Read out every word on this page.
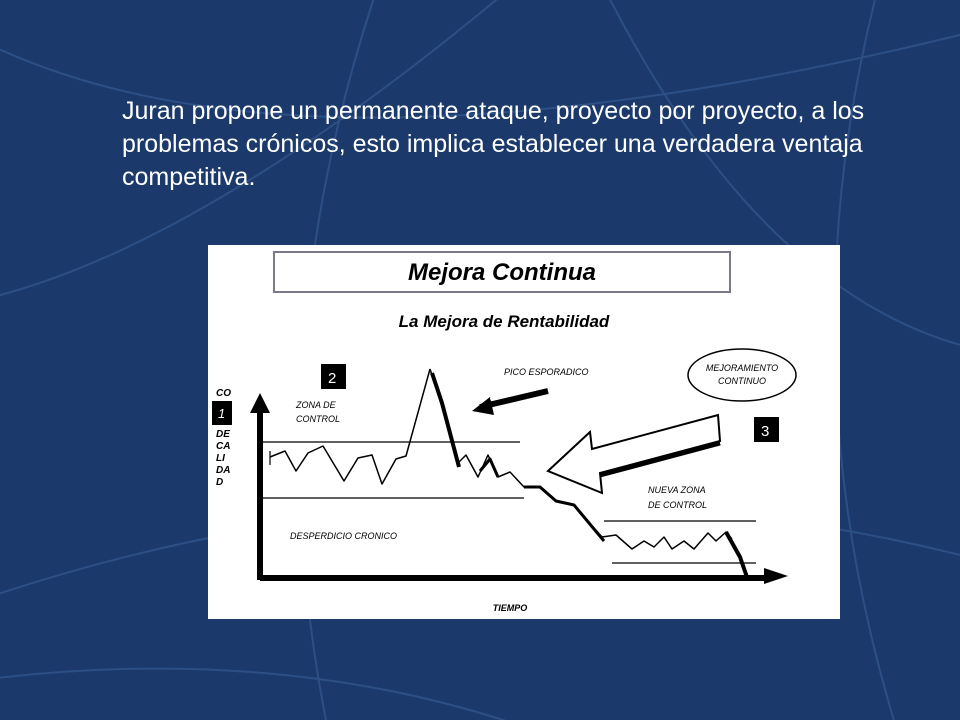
Juran propone un permanente ataque, proyecto por proyecto, a los problemas crónicos, esto implica establecer una verdadera ventaja competitiva.

Mejora Continua
La Mejora de Rentabilidad
TIEMPO
CO
1
DE
CA
LI
DA
D
2
ZONA DE
CONTROL
PICO ESPORADICO	MEJORAMIENTO
CONTINUO
3
NUEVA ZONA
DE CONTROL
DESPERDICIO CRONICO
